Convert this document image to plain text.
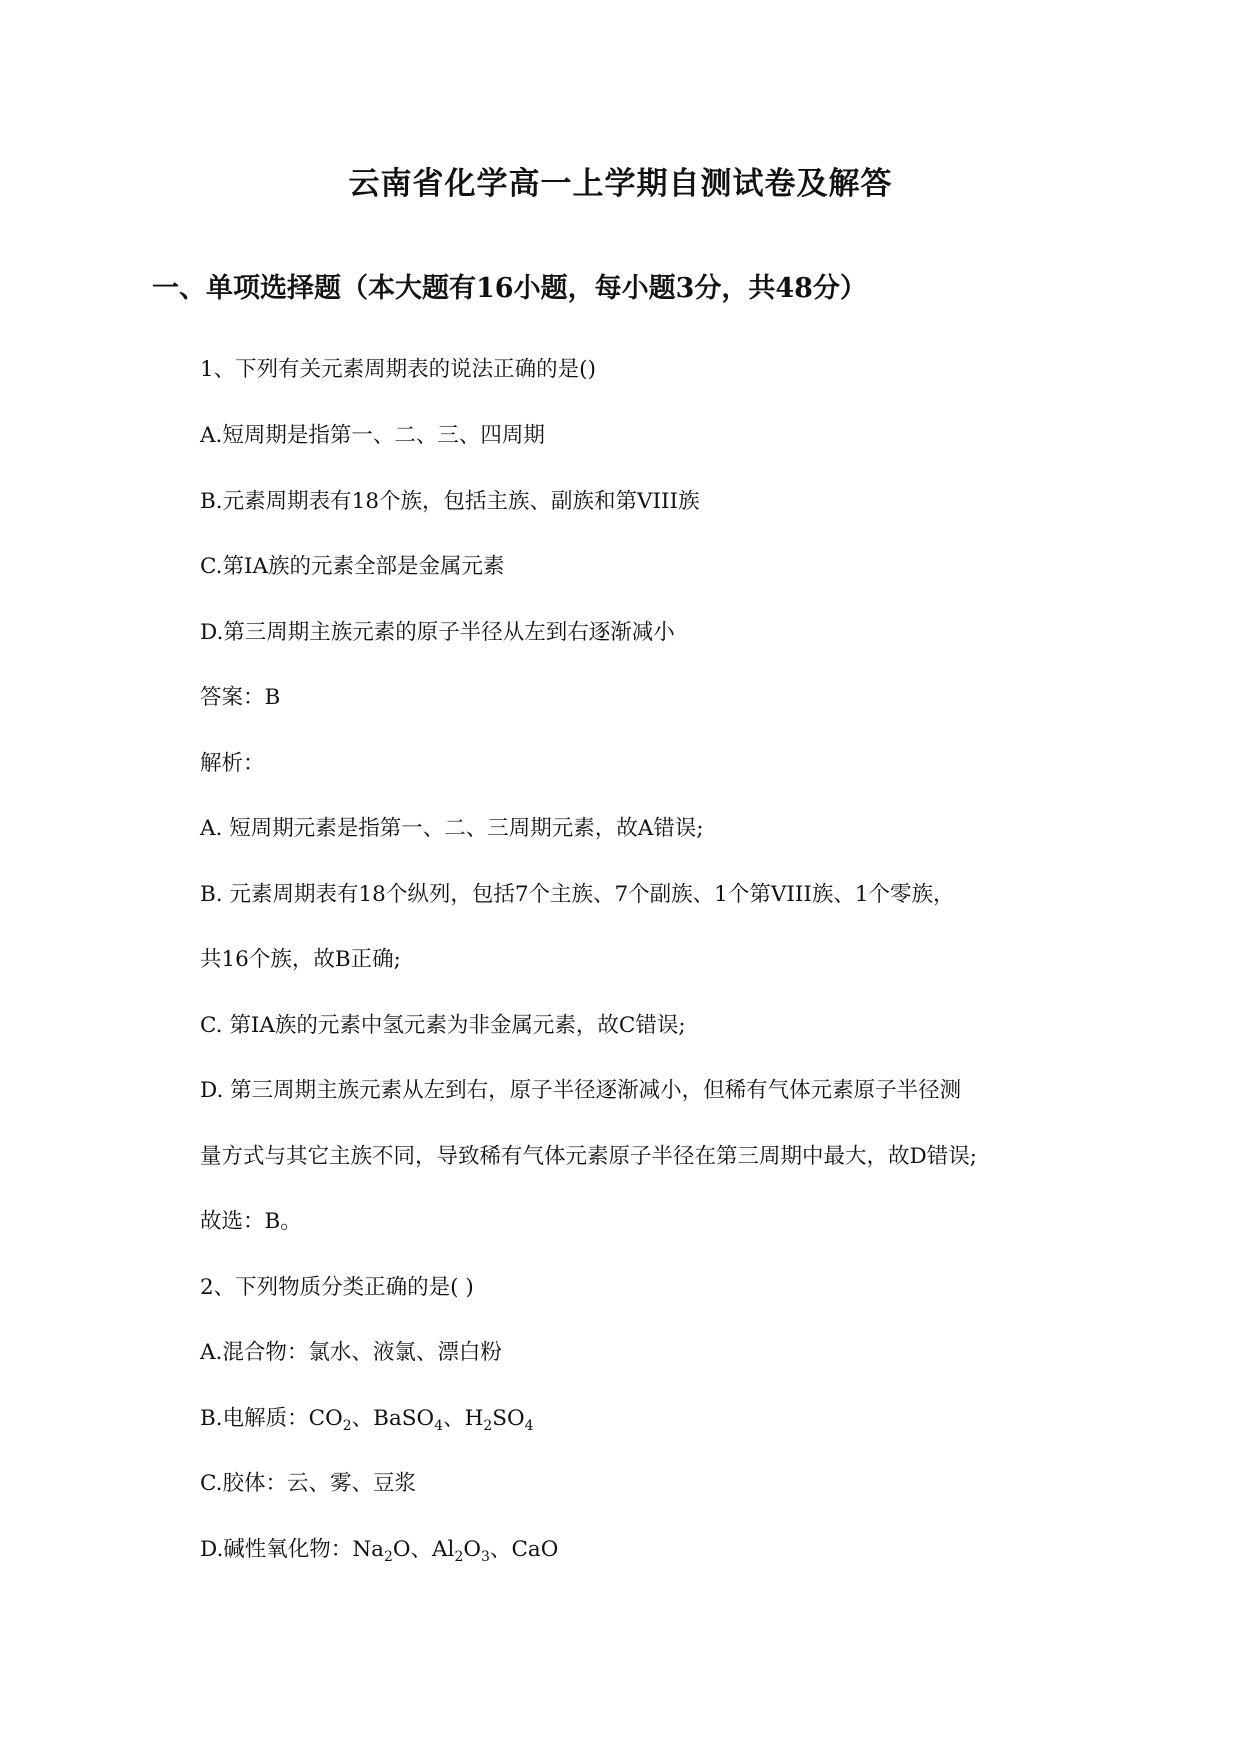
云南省化学高一上学期自测试卷及解答
一、单项选择题（本大题有16小题，每小题3分，共48分）

1、下列有关元素周期表的说法正确的是()

A.短周期是指第一、二、三、四周期

B.元素周期表有18个族，包括主族、副族和第VIII族

C.第IA族的元素全部是金属元素

D.第三周期主族元素的原子半径从左到右逐渐减小

答案：B

解析：

A. 短周期元素是指第一、二、三周期元素，故A错误;

B. 元素周期表有18个纵列，包括7个主族、7个副族、1个第VIII族、1个零族，

共16个族，故B正确;

C. 第IA族的元素中氢元素为非金属元素，故C错误;

D. 第三周期主族元素从左到右，原子半径逐渐减小，但稀有气体元素原子半径测

量方式与其它主族不同，导致稀有气体元素原子半径在第三周期中最大，故D错误;

故选：B。

2、下列物质分类正确的是( )

A.混合物：氯水、液氯、漂白粉

B.电解质：$CO_2$、BaSO$_4$、$H_2SO_4$

C.胶体：云、雾、豆浆

D.碱性氧化物：$Na_2O$、$Al_2O_3$、CaO
